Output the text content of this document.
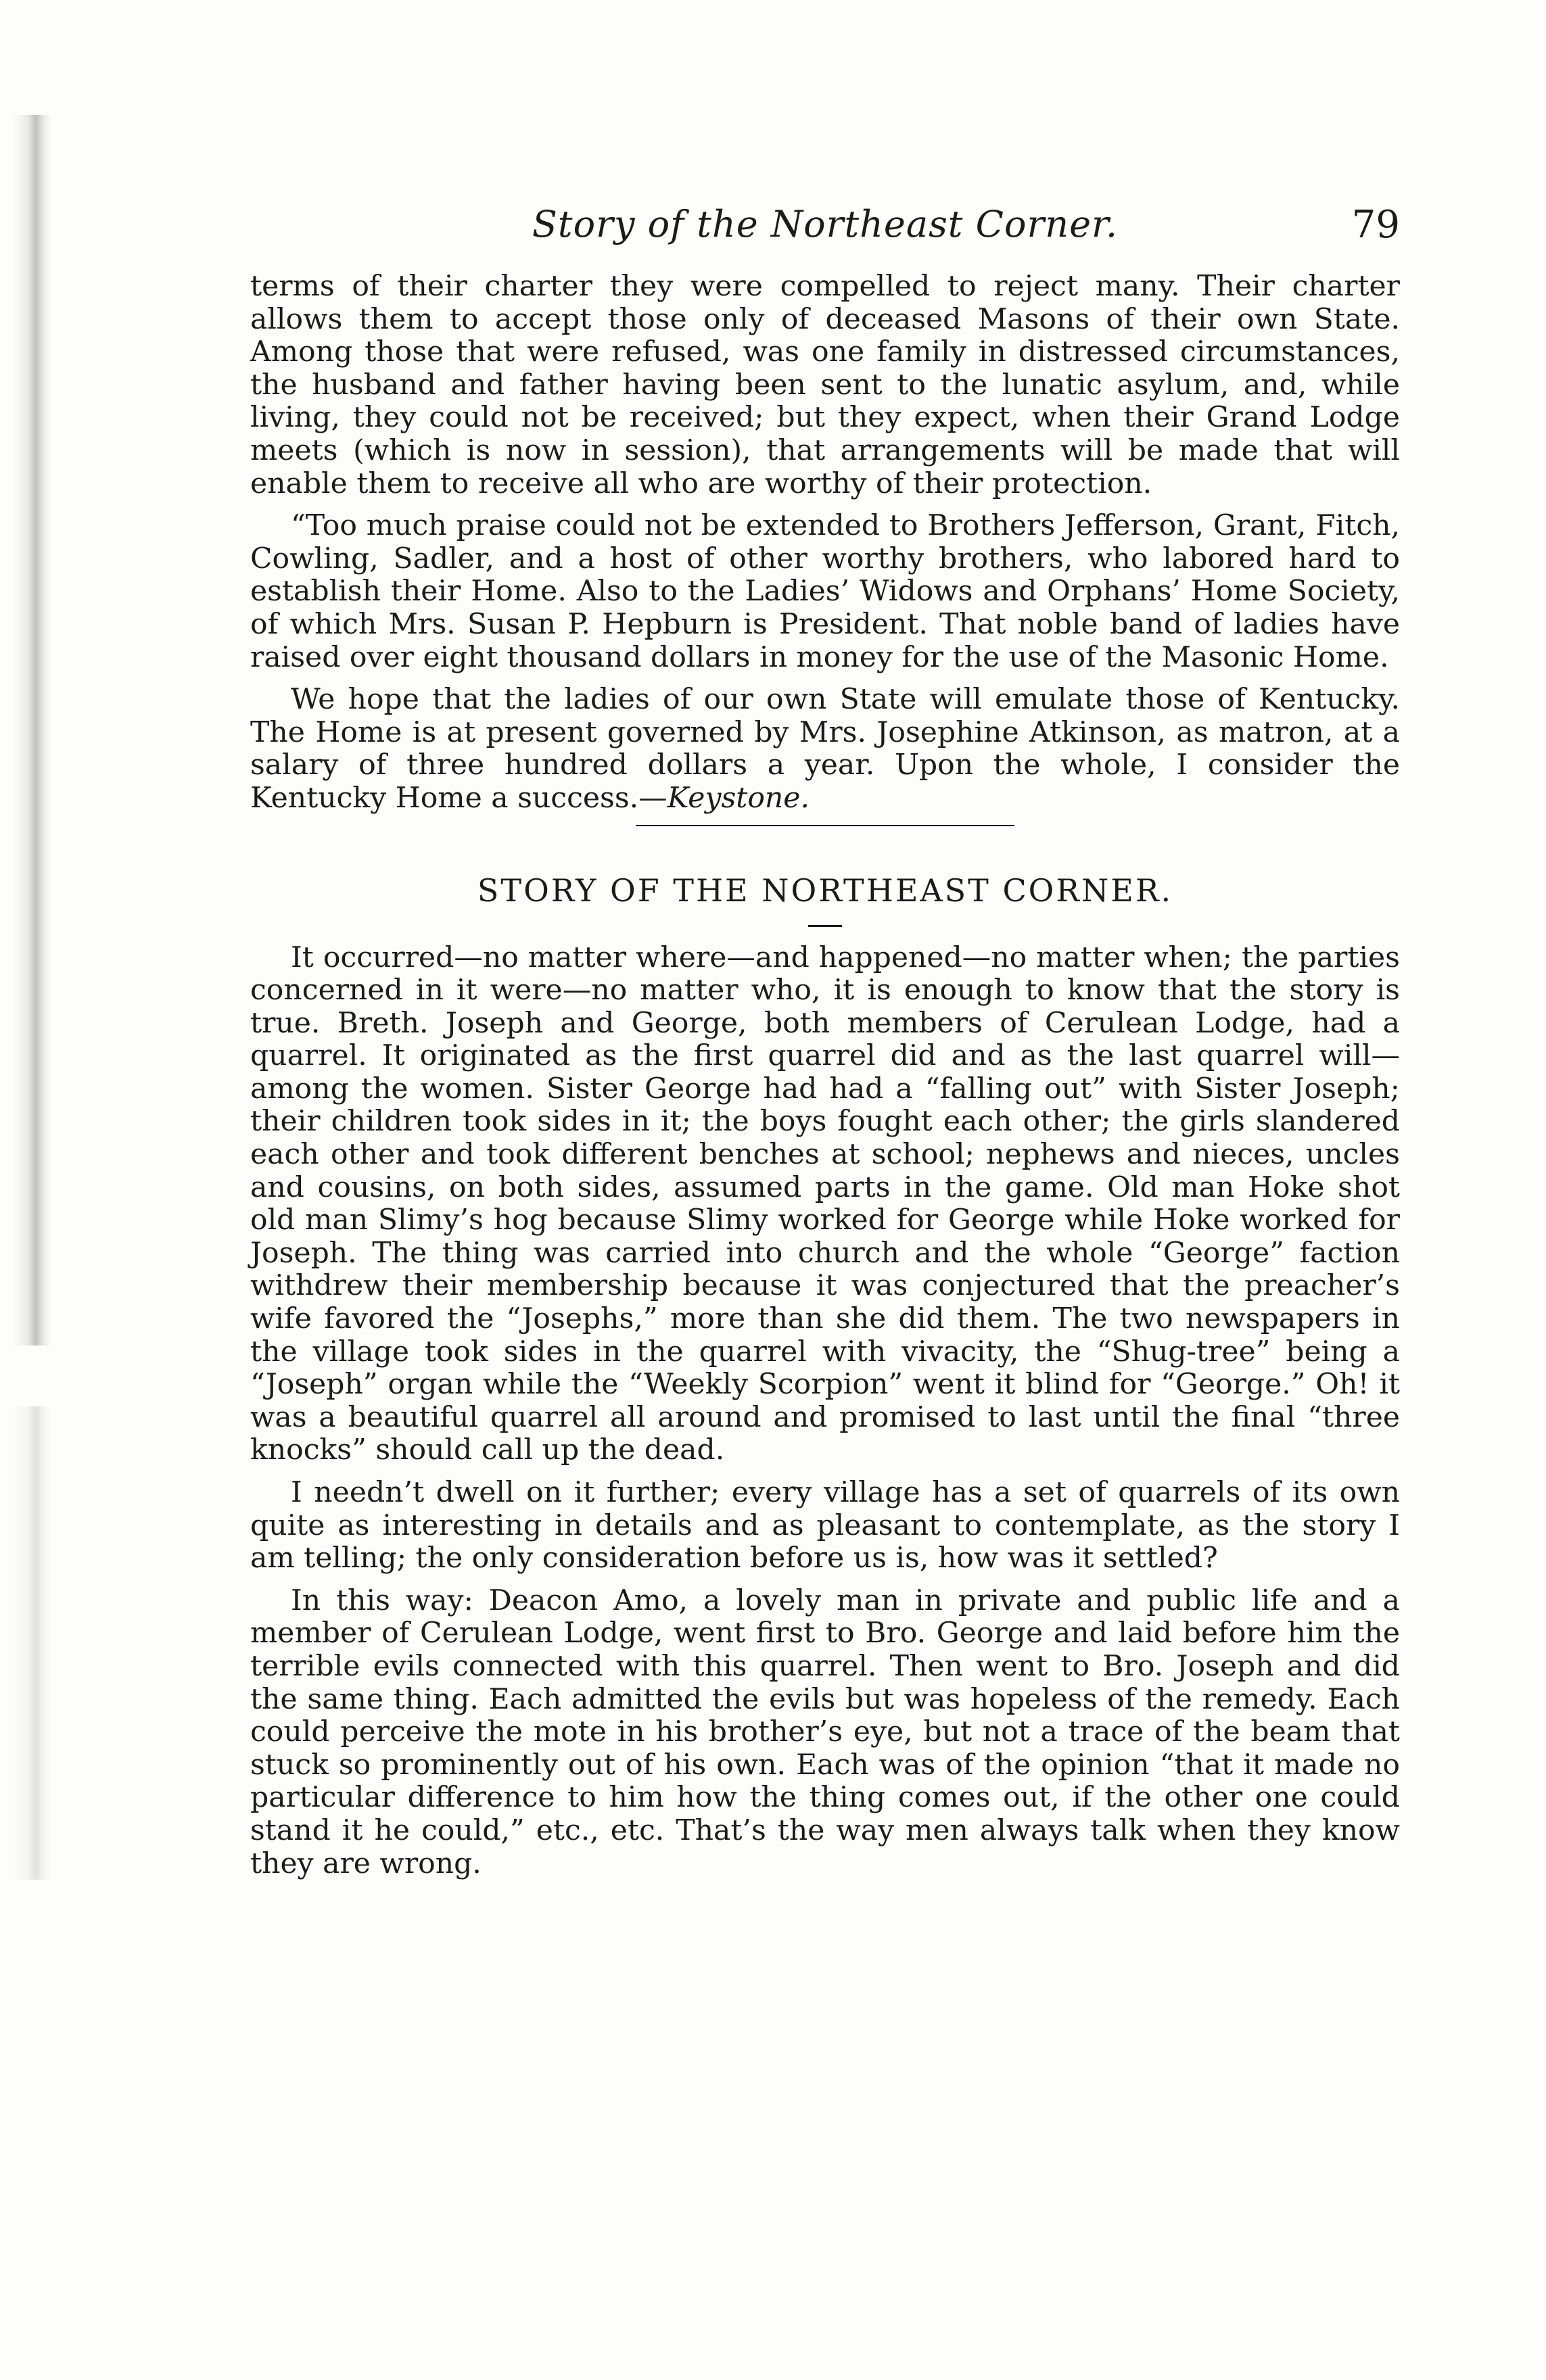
Story of the Northeast Corner.	79

terms of their charter they were compelled to reject many. Their charter allows them to accept those only of deceased Masons of their own State. Among those that were refused, was one family in distressed circumstances, the husband and father having been sent to the lunatic asylum, and, while living, they could not be received; but they expect, when their Grand Lodge meets (which is now in session), that arrangements will be made that will enable them to receive all who are worthy of their protection.

“Too much praise could not be extended to Brothers Jefferson, Grant, Fitch, Cowling, Sadler, and a host of other worthy brothers, who labored hard to establish their Home. Also to the Ladies’ Widows and Orphans’ Home Society, of which Mrs. Susan P. Hepburn is President. That noble band of ladies have raised over eight thousand dollars in money for the use of the Masonic Home.

We hope that the ladies of our own State will emulate those of Kentucky. The Home is at present governed by Mrs. Josephine Atkinson, as matron, at a salary of three hundred dollars a year. Upon the whole, I consider the Kentucky Home a success.—Keystone.

STORY OF THE NORTHEAST CORNER.

It occurred—no matter where—and happened—no matter when; the parties concerned in it were—no matter who, it is enough to know that the story is true. Breth. Joseph and George, both members of Cerulean Lodge, had a quarrel. It originated as the first quarrel did and as the last quarrel will—among the women. Sister George had had a “falling out” with Sister Joseph; their children took sides in it; the boys fought each other; the girls slandered each other and took different benches at school; nephews and nieces, uncles and cousins, on both sides, assumed parts in the game. Old man Hoke shot old man Slimy’s hog because Slimy worked for George while Hoke worked for Joseph. The thing was carried into church and the whole “George” faction withdrew their membership because it was conjectured that the preacher’s wife favored the “Josephs,” more than she did them. The two newspapers in the village took sides in the quarrel with vivacity, the “Shug-tree” being a “Joseph” organ while the “Weekly Scorpion” went it blind for “George.” Oh! it was a beautiful quarrel all around and promised to last until the final “three knocks” should call up the dead.

I needn’t dwell on it further; every village has a set of quarrels of its own quite as interesting in details and as pleasant to contemplate, as the story I am telling; the only consideration before us is, how was it settled?

In this way: Deacon Amo, a lovely man in private and public life and a member of Cerulean Lodge, went first to Bro. George and laid before him the terrible evils connected with this quarrel. Then went to Bro. Joseph and did the same thing. Each admitted the evils but was hopeless of the remedy. Each could perceive the mote in his brother’s eye, but not a trace of the beam that stuck so prominently out of his own. Each was of the opinion “that it made no particular difference to him how the thing comes out, if the other one could stand it he could,” etc., etc. That’s the way men always talk when they know they are wrong.
